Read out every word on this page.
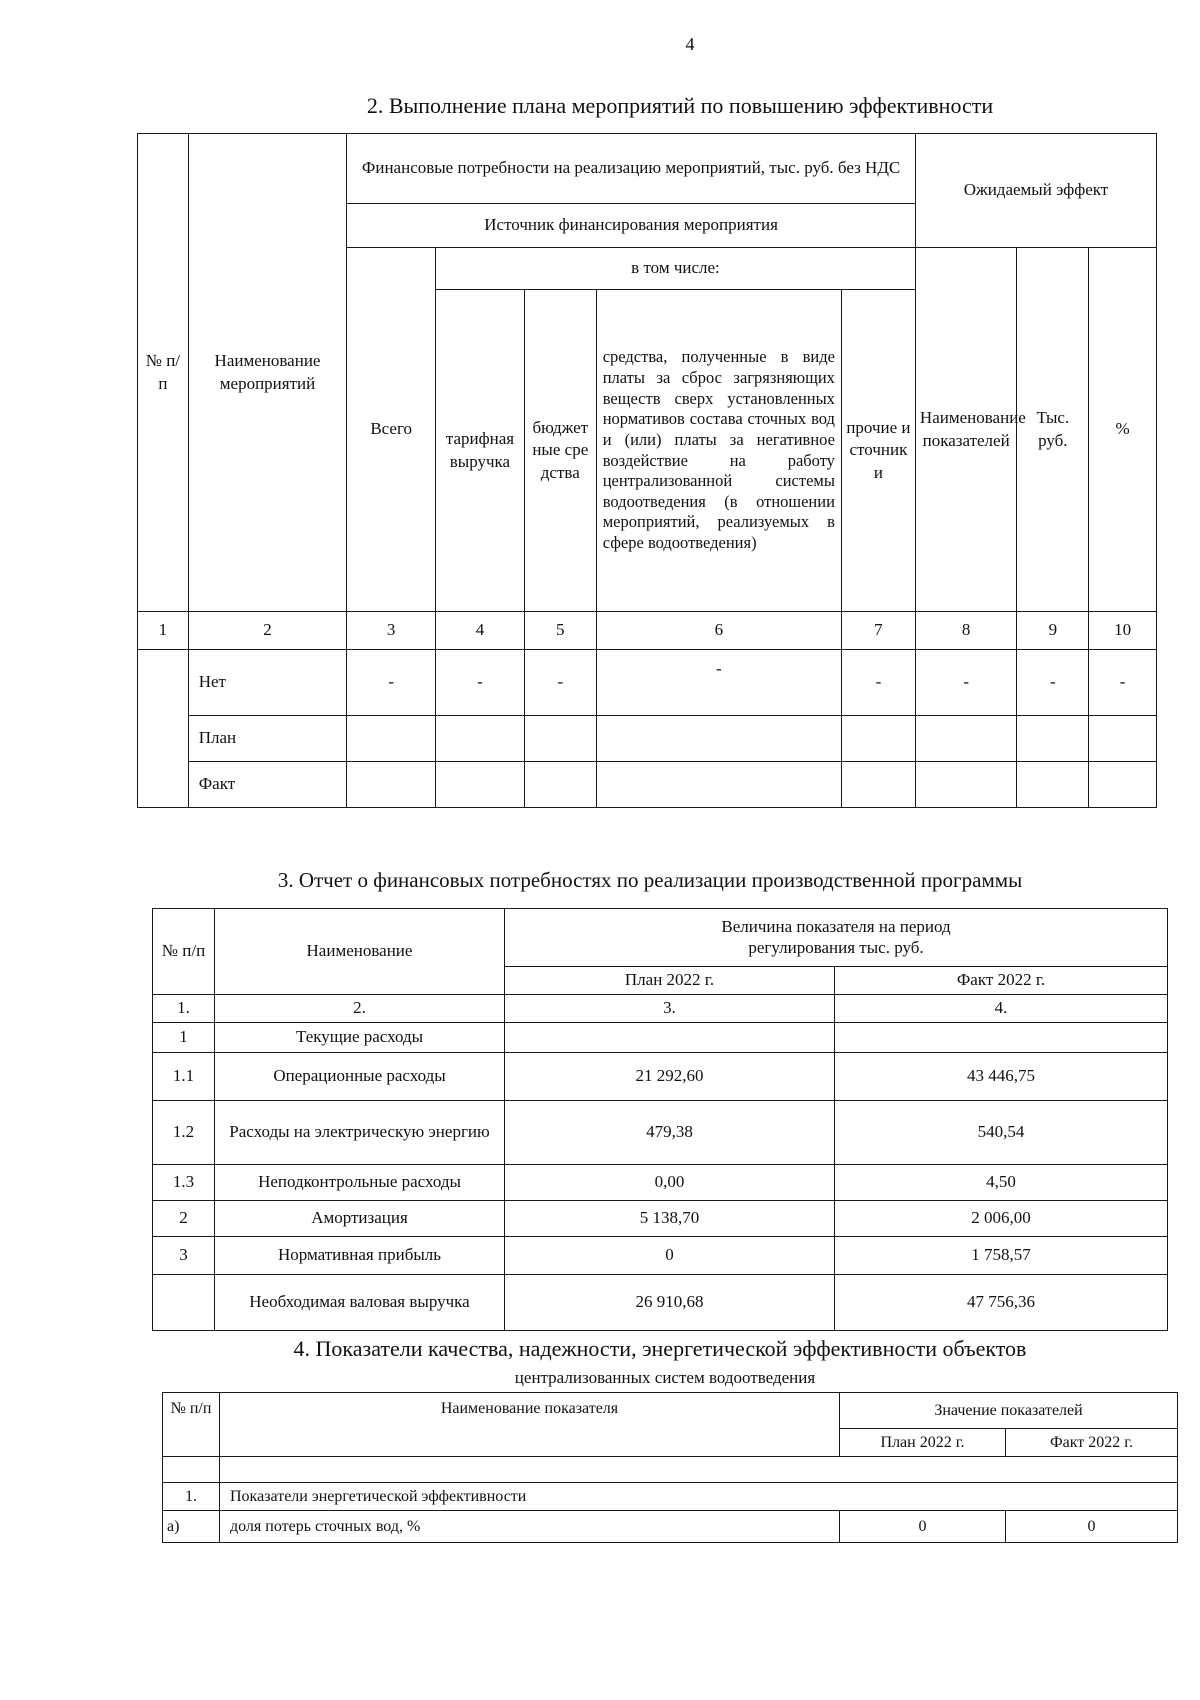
4
2. Выполнение плана мероприятий по повышению эффективности
№ п/п	Наименование мероприятий	Финансовые потребности на реализацию мероприятий, тыс. руб. без НДС					Ожидаемый эффект		
		Источник финансирования мероприятия							
		Всего	в том числе:				Наименование показателей	Тыс. руб.	%
			тарифная выручка	бюджетные средства	средства, полученные в виде платы за сброс загрязняющих веществ сверх установленных нормативов состава сточных вод и (или) платы за негативное воздействие на работу централизованной системы водоотведения (в отношении мероприятий, реализуемых в сфере водоотведения)	прочие источники			
1	2	3	4	5	6	7	8	9	10
	Нет	-	-	-	-	-	-	-	-
	План								
	Факт								
3. Отчет о финансовых потребностях по реализации производственной программы
№ п/п	Наименование	Величина показателя на период регулирования тыс. руб.	
		План 2022 г.	Факт 2022 г.
1.	2.	3.	4.
1	Текущие расходы		
1.1	Операционные расходы	21 292,60	43 446,75
1.2	Расходы на электрическую энергию	479,38	540,54
1.3	Неподконтрольные расходы	0,00	4,50
2	Амортизация	5 138,70	2 006,00
3	Нормативная прибыль	0	1 758,57
	Необходимая валовая выручка	26 910,68	47 756,36
4. Показатели качества, надежности, энергетической эффективности объектов
централизованных систем водоотведения
№ п/п	Наименование показателя	Значение показателей	
		План 2022 г.	Факт 2022 г.

1.	Показатели энергетической эффективности		
а)	доля потерь сточных вод, %	0	0
